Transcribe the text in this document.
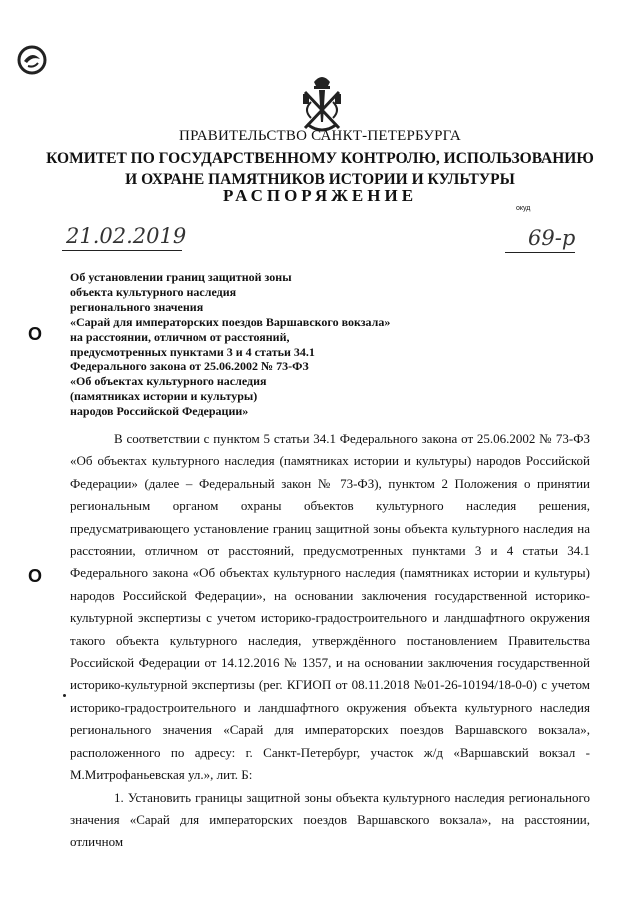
ПРАВИТЕЛЬСТВО САНКТ-ПЕТЕРБУРГА
КОМИТЕТ ПО ГОСУДАРСТВЕННОМУ КОНТРОЛЮ, ИСПОЛЬЗОВАНИЮ
И ОХРАНЕ ПАМЯТНИКОВ ИСТОРИИ И КУЛЬТУРЫ
РАСПОРЯЖЕНИЕ
окуд
21.02.2019	69-р
Об установлении границ защитной зоны
объекта культурного наследия
регионального значения
«Сарай для императорских поездов Варшавского вокзала»
на расстоянии, отличном от расстояний,
предусмотренных пунктами 3 и 4 статьи 34.1
Федерального закона от 25.06.2002 № 73-ФЗ
«Об объектах культурного наследия
(памятниках истории и культуры)
народов Российской Федерации»
О
О

В соответствии с пунктом 5 статьи 34.1 Федерального закона от 25.06.2002 № 73-ФЗ «Об объектах культурного наследия (памятниках истории и культуры) народов Российской Федерации» (далее – Федеральный закон № 73-ФЗ), пунктом 2 Положения о принятии региональным органом охраны объектов культурного наследия решения, предусматривающего установление границ защитной зоны объекта культурного наследия на расстоянии, отличном от расстояний, предусмотренных пунктами 3 и 4 статьи 34.1 Федерального закона «Об объектах культурного наследия (памятниках истории и культуры) народов Российской Федерации», на основании заключения государственной историко-культурной экспертизы с учетом историко-градостроительного и ландшафтного окружения такого объекта культурного наследия, утверждённого постановлением Правительства Российской Федерации от 14.12.2016 № 1357, и на основании заключения государственной историко-культурной экспертизы (рег. КГИОП от 08.11.2018 №01-26-10194/18-0-0) с учетом историко-градостроительного и ландшафтного окружения объекта культурного наследия регионального значения «Сарай для императорских поездов Варшавского вокзала», расположенного по адресу: г. Санкт-Петербург, участок ж/д «Варшавский вокзал - М.Митрофаньевская ул.», лит. Б:

1. Установить границы защитной зоны объекта культурного наследия регионального значения «Сарай для императорских поездов Варшавского вокзала», на расстоянии, отличном
